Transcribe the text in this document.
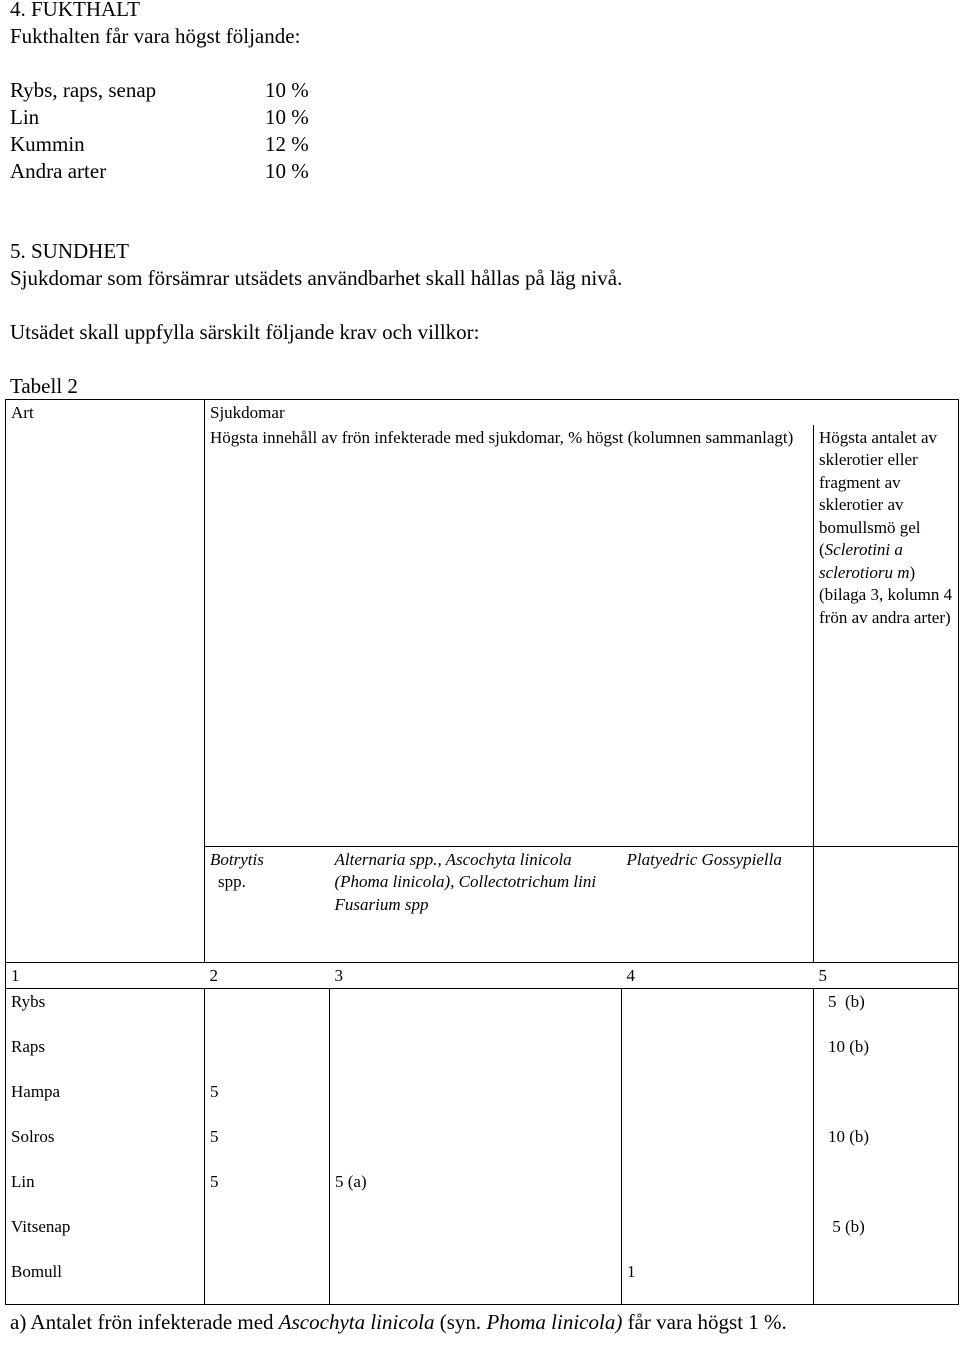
4. FUKTHALT
Fukthalten får vara högst följande:
Rybs, raps, senap	10 %
Lin	10 %
Kummin	12 %
Andra arter	10 %
5. SUNDHET
Sjukdomar som försämrar utsädets användbarhet skall hållas på läg nivå.
Utsädet skall uppfylla särskilt följande krav och villkor:
Tabell 2
Art	Sjukdomar			
	Högsta innehåll av frön infekterade med sjukdomar, % högst (kolumnen sammanlagt)			Högsta antalet av sklerotier eller fragment av sklerotier av bomullsmö gel (Sclerotini a sclerotioru m) (bilaga 3, kolumn 4 frön av andra arter)
	Botrytis
spp.	Alternaria spp., Ascochyta linicola (Phoma linicola), Collectotrichum lini Fusarium spp	Platyedric Gossypiella	
1	2	3	4	5
Rybs				5  (b)
Raps				10 (b)
Hampa	5			
Solros	5			10 (b)
Lin	5	5 (a)		
Vitsenap				5 (b)
Bomull			1	
a) Antalet frön infekterade med Ascochyta linicola (syn. Phoma linicola) får vara högst 1 %.
